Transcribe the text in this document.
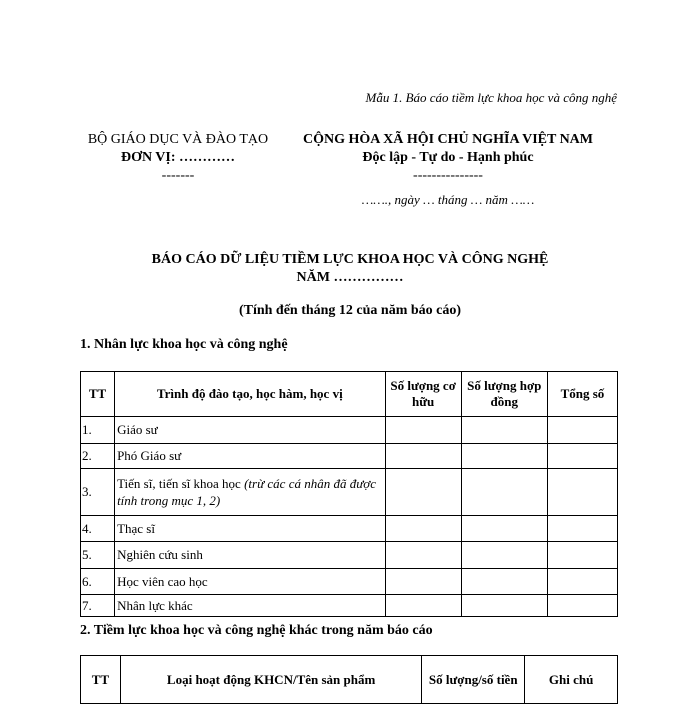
Mẫu 1. Báo cáo tiềm lực khoa học và công nghệ
BỘ GIÁO DỤC VÀ ĐÀO TẠO
ĐƠN VỊ: …………
-------
CỘNG HÒA XÃ HỘI CHỦ NGHĨA VIỆT NAM
Độc lập - Tự do - Hạnh phúc
---------------
……., ngày … tháng … năm ……
BÁO CÁO DỮ LIỆU TIỀM LỰC KHOA HỌC VÀ CÔNG NGHỆ
NĂM ……………
(Tính đến tháng 12 của năm báo cáo)
1. Nhân lực khoa học và công nghệ
TT	Trình độ đào tạo, học hàm, học vị	Số lượng cơ hữu	Số lượng hợp đồng	Tổng số
1.	Giáo sư			
2.	Phó Giáo sư			
3.	Tiến sĩ, tiến sĩ khoa học (trừ các cá nhân đã được tính trong mục 1, 2)			
4.	Thạc sĩ			
5.	Nghiên cứu sinh			
6.	Học viên cao học			
7.	Nhân lực khác			
2. Tiềm lực khoa học và công nghệ khác trong năm báo cáo
TT	Loại hoạt động KHCN/Tên sản phẩm	Số lượng/số tiền	Ghi chú
